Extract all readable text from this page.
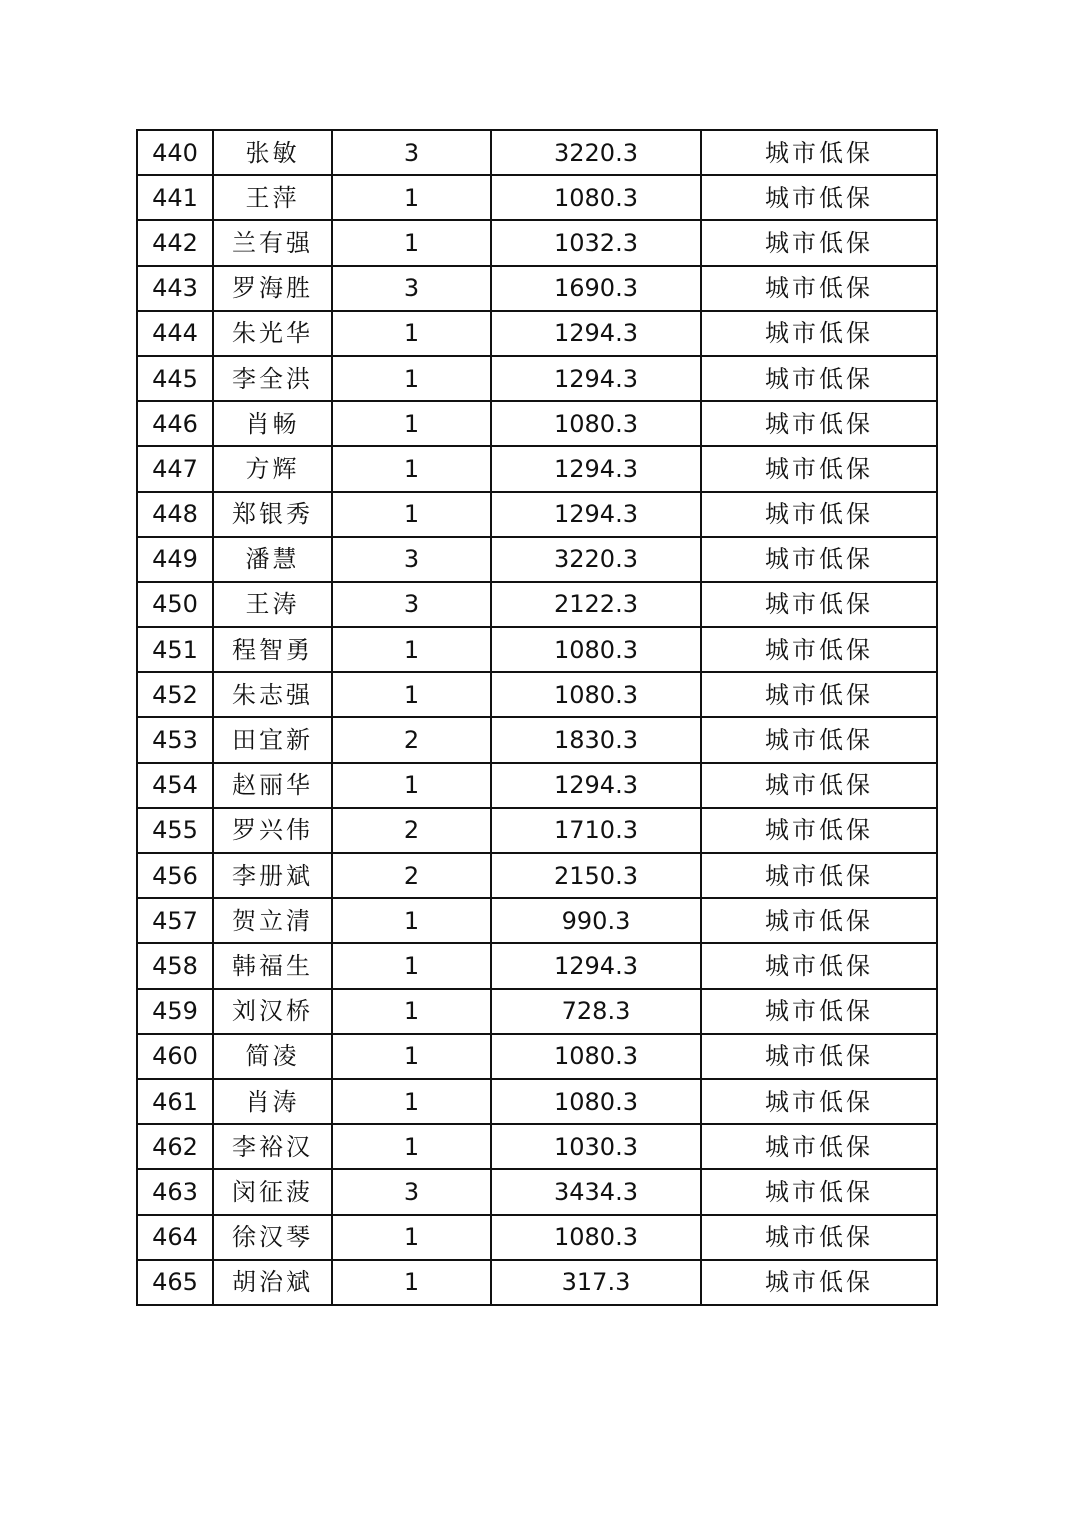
440	张敏	3	3220.3	城市低保
441	王萍	1	1080.3	城市低保
442	兰有强	1	1032.3	城市低保
443	罗海胜	3	1690.3	城市低保
444	朱光华	1	1294.3	城市低保
445	李全洪	1	1294.3	城市低保
446	肖畅	1	1080.3	城市低保
447	方辉	1	1294.3	城市低保
448	郑银秀	1	1294.3	城市低保
449	潘慧	3	3220.3	城市低保
450	王涛	3	2122.3	城市低保
451	程智勇	1	1080.3	城市低保
452	朱志强	1	1080.3	城市低保
453	田宜新	2	1830.3	城市低保
454	赵丽华	1	1294.3	城市低保
455	罗兴伟	2	1710.3	城市低保
456	李册斌	2	2150.3	城市低保
457	贺立清	1	990.3	城市低保
458	韩福生	1	1294.3	城市低保
459	刘汉桥	1	728.3	城市低保
460	简凌	1	1080.3	城市低保
461	肖涛	1	1080.3	城市低保
462	李裕汉	1	1030.3	城市低保
463	闵征菠	3	3434.3	城市低保
464	徐汉琴	1	1080.3	城市低保
465	胡治斌	1	317.3	城市低保
